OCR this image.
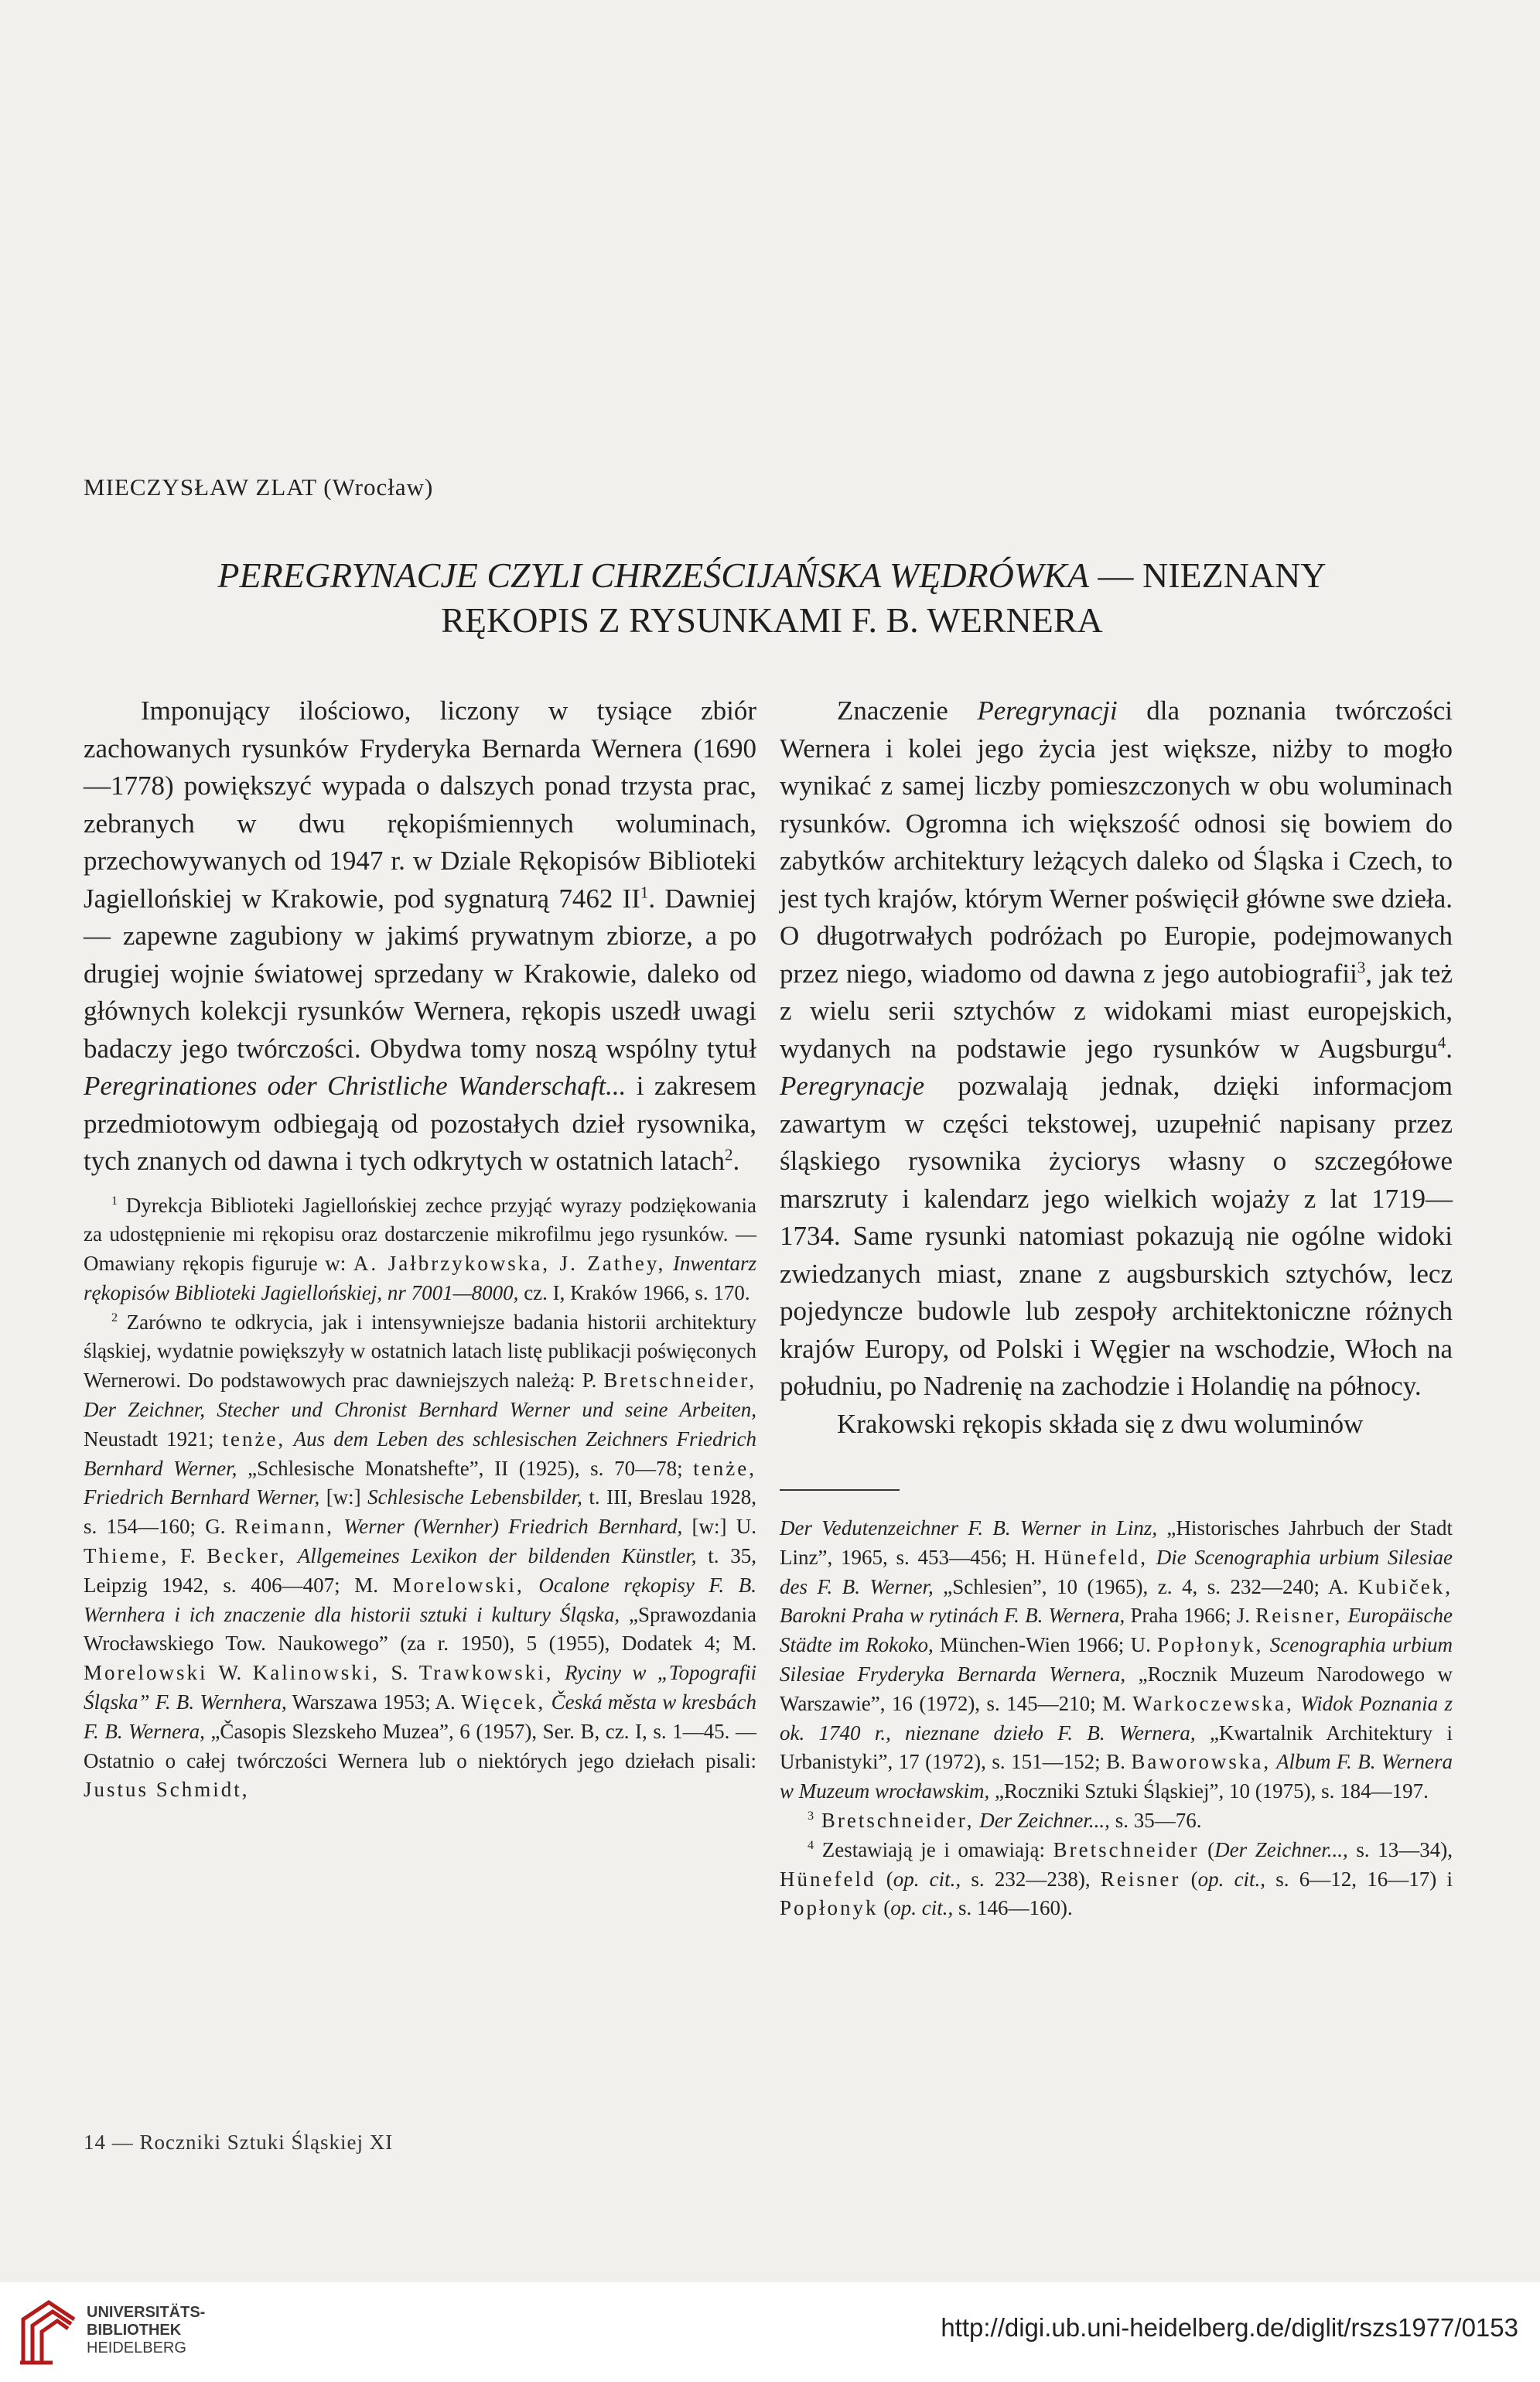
MIECZYSŁAW ZLAT (Wrocław)
PEREGRYNACJE CZYLI CHRZEŚCIJAŃSKA WĘDRÓWKA — NIEZNANY
RĘKOPIS Z RYSUNKAMI F. B. WERNERA

Imponujący ilościowo, liczony w tysiące zbiór zachowanych rysunków Fryderyka Bernarda Wernera (1690—1778) powiększyć wypada o dalszych ponad trzysta prac, zebranych w dwu rękopiśmiennych woluminach, przechowywanych od 1947 r. w Dziale Rękopisów Biblioteki Jagiellońskiej w Krakowie, pod sygnaturą 7462 $II^1$. Dawniej — zapewne zagubiony w jakimś prywatnym zbiorze, a po drugiej wojnie światowej sprzedany w Krakowie, daleko od głównych kolekcji rysunków Wernera, rękopis uszedł uwagi badaczy jego twórczości. Obydwa tomy noszą wspólny tytuł Peregrinationes oder Christliche Wanderschaft... i zakresem przedmiotowym odbiegają od pozostałych dzieł rysownika, tych znanych od dawna i tych odkrytych w ostatnich latach$^2$.

$^1$ Dyrekcja Biblioteki Jagiellońskiej zechce przyjąć wyrazy podziękowania za udostępnienie mi rękopisu oraz dostarczenie mikrofilmu jego rysunków. — Omawiany rękopis figuruje w: A. Jałbrzykowska, J. Zathey, Inwentarz rękopisów Biblioteki Jagiellońskiej, nr 7001—8000, cz. I, Kraków 1966, s. 170.

$^2$ Zarówno te odkrycia, jak i intensywniejsze badania historii architektury śląskiej, wydatnie powiększyły w ostatnich latach listę publikacji poświęconych Wernerowi. Do podstawowych prac dawniejszych należą: P. Bretschneider, Der Zeichner, Stecher und Chronist Bernhard Werner und seine Arbeiten, Neustadt 1921; tenże, Aus dem Leben des schlesischen Zeichners Friedrich Bernhard Werner, „Schlesische Monatshefte”, II (1925), s. 70—78; tenże, Friedrich Bernhard Werner, [w:] Schlesische Lebensbilder, t. III, Breslau 1928, s. 154—160; G. Reimann, Werner (Wernher) Friedrich Bernhard, [w:] U. Thieme, F. Becker, Allgemeines Lexikon der bildenden Künstler, t. 35, Leipzig 1942, s. 406—407; M. Morelowski, Ocalone rękopisy F. B. Wernhera i ich znaczenie dla historii sztuki i kultury Śląska, „Sprawozdania Wrocławskiego Tow. Naukowego” (za r. 1950), 5 (1955), Dodatek 4; M. Morelowski W. Kalinowski, S. Trawkowski, Ryciny w „Topografii Śląska” F. B. Wernhera, Warszawa 1953; A. Więcek, Česká města w kresbách F. B. Wernera, „Časopis Slezskeho Muzea”, 6 (1957), Ser. B, cz. I, s. 1—45. — Ostatnio o całej twórczości Wernera lub o niektórych jego dziełach pisali: Justus Schmidt,

Znaczenie Peregrynacji dla poznania twórczości Wernera i kolei jego życia jest większe, niżby to mogło wynikać z samej liczby pomieszczonych w obu woluminach rysunków. Ogromna ich większość odnosi się bowiem do zabytków architektury leżących daleko od Śląska i Czech, to jest tych krajów, którym Werner poświęcił główne swe dzieła. O długotrwałych podróżach po Europie, podejmowanych przez niego, wiadomo od dawna z jego autobiografii$^3$, jak też z wielu serii sztychów z widokami miast europejskich, wydanych na podstawie jego rysunków w Augsburgu$^4$. Peregrynacje pozwalają jednak, dzięki informacjom zawartym w części tekstowej, uzupełnić napisany przez śląskiego rysownika życiorys własny o szczegółowe marszruty i kalendarz jego wielkich wojaży z lat 1719—1734. Same rysunki natomiast pokazują nie ogólne widoki zwiedzanych miast, znane z augsburskich sztychów, lecz pojedyncze budowle lub zespoły architektoniczne różnych krajów Europy, od Polski i Węgier na wschodzie, Włoch na południu, po Nadrenię na zachodzie i Holandię na północy.

Krakowski rękopis składa się z dwu woluminów

Der Vedutenzeichner F. B. Werner in Linz, „Historisches Jahrbuch der Stadt Linz”, 1965, s. 453—456; H. Hünefeld, Die Scenographia urbium Silesiae des F. B. Werner, „Schlesien”, 10 (1965), z. 4, s. 232—240; A. Kubiček, Barokni Praha w rytinách F. B. Wernera, Praha 1966; J. Reisner, Europäische Städte im Rokoko, München-Wien 1966; U. Popłonyk, Scenographia urbium Silesiae Fryderyka Bernarda Wernera, „Rocznik Muzeum Narodowego w Warszawie”, 16 (1972), s. 145—210; M. Warkoczewska, Widok Poznania z ok. 1740 r., nieznane dzieło F. B. Wernera, „Kwartalnik Architektury i Urbanistyki”, 17 (1972), s. 151—152; B. Baworowska, Album F. B. Wernera w Muzeum wrocławskim, „Roczniki Sztuki Śląskiej”, 10 (1975), s. 184—197.

$^3$ Bretschneider, Der Zeichner..., s. 35—76.

$^4$ Zestawiają je i omawiają: Bretschneider (Der Zeichner..., s. 13—34), Hünefeld (op. cit., s. 232—238), Reisner (op. cit., s. 6—12, 16—17) i Popłonyk (op. cit., s. 146—160).

14 — Roczniki Sztuki Śląskiej XI
UNIVERSITÄTS-
BIBLIOTHEK
HEIDELBERG
http://digi.ub.uni-heidelberg.de/diglit/rszs1977/0153
